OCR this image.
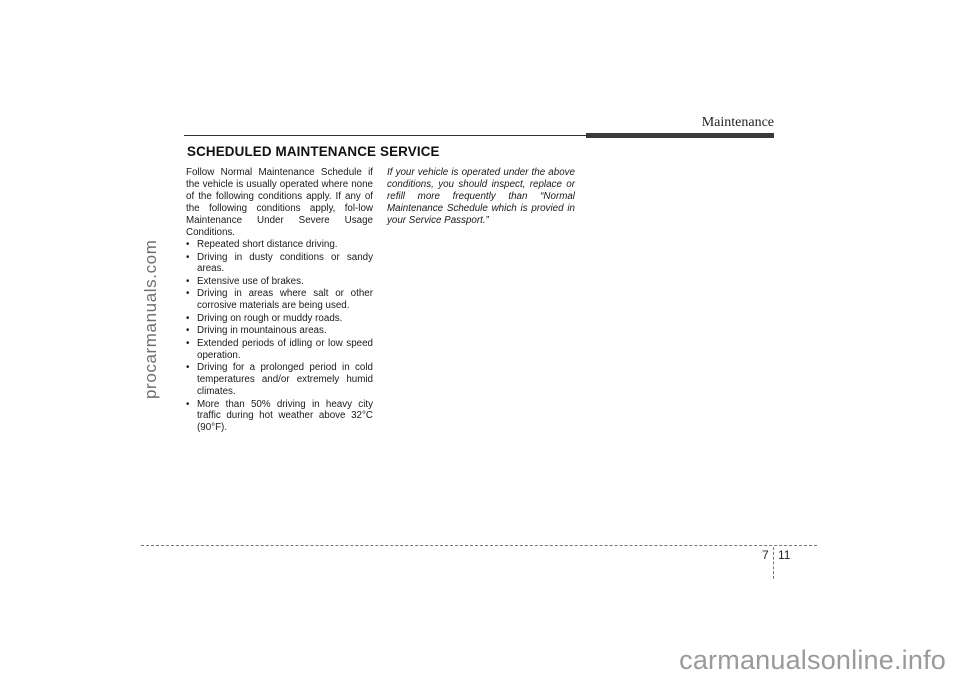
procarmanuals.com
Maintenance
SCHEDULED MAINTENANCE SERVICE

Follow Normal Maintenance Schedule if the vehicle is usually operated where none of the following conditions apply. If any of the following conditions apply, fol-low Maintenance Under Severe Usage Conditions.

• Repeated short distance driving.
• Driving in dusty conditions or sandy areas.
• Extensive use of brakes.
• Driving in areas where salt or other corrosive materials are being used.
• Driving on rough or muddy roads.
• Driving in mountainous areas.
• Extended periods of idling or low speed operation.
• Driving for a prolonged period in cold temperatures and/or extremely humid climates.
• More than 50% driving in heavy city traffic during hot weather above 32°C (90°F).

If your vehicle is operated under the above conditions, you should inspect, replace or refill more frequently than “Normal Maintenance Schedule which is provied in your Service Passport.”

7 11
carmanualsonline.info
